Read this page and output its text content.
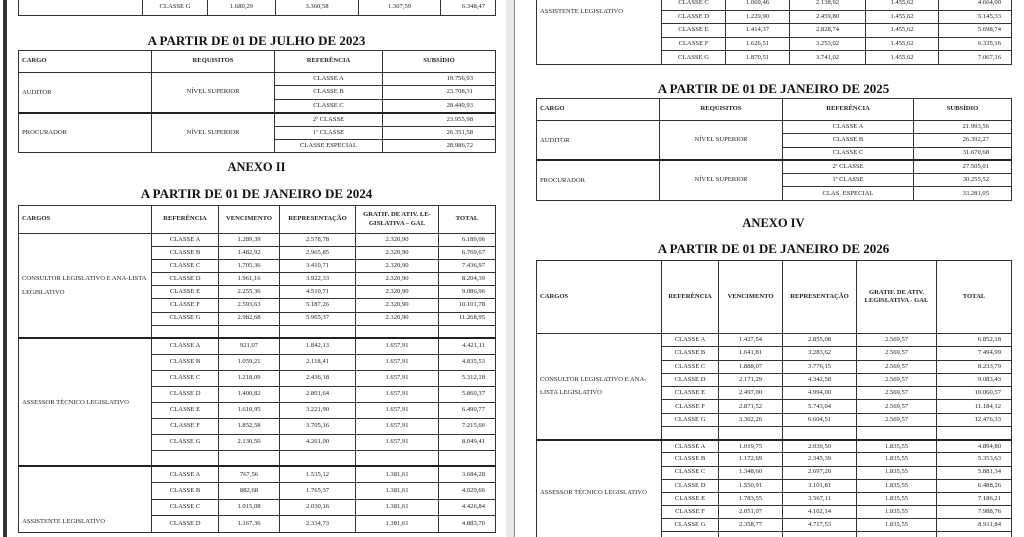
	CLASSE G	1.680,29	3.360,58	1.307,59	6.348,47
A PARTIR DE 01 DE JULHO DE 2023
CARGO	REQUISITOS	REFERÊNCIA	SUBSÍDIO
AUDITOR	NÍVEL SUPERIOR	CLASSE A	19.756,93
		CLASSE B	23.708,31
		CLASSE C	28.449,93
PROCURADOR	NÍVEL SUPERIOR	2ª CLASSE	23.955,98
		1ª CLASSE	26.351,58
		CLASSE ESPECIAL	28.986,72
ANEXO II
A PARTIR DE 01 DE JANEIRO DE 2024
CARGOS	REFERÊNCIA	VENCIMENTO	REPRESENTAÇÃO	GRATIF. DE ATIV. LE-GISLATIVA – GAL	TOTAL
CONSULTOR LEGISLATIVO E ANA-LISTA LEGISLATIVO	CLASSE A	1.289,39	2.578,78	2.320,90	6.189,06
	CLASSE B	1.482,92	2.965,85	2.320,90	6.769,67
	CLASSE C	1.705,36	3.410,71	2.320,90	7.436,97
	CLASSE D	1.961,16	3.922,33	2.320,90	8.204,39
	CLASSE E	2.255,36	4.510,71	2.320,90	9.086,96
	CLASSE F	2.593,63	5.187,26	2.320,90	10.101,78
	CLASSE G	2.982,68	5.965,37	2.320,90	11.268,95

ASSESSOR TÉCNICO LEGISLATIVO	CLASSE A	921,07	1.842,13	1.657,91	4.421,11
	CLASSE B	1.059,21	2.118,41	1.657,91	4.835,53
	CLASSE C	1.218,09	2.436,18	1.657,91	5.312,18
	CLASSE D	1.400,82	2.801,64	1.657,91	5.860,37
	CLASSE E	1.610,95	3.221,90	1.657,91	6.490,77
	CLASSE F	1.852,58	3.705,16	1.657,91	7.215,66
	CLASSE G	2.130,50	4.261,00	1.657,91	8.049,41

ASSISTENTE LEGISLATIVO	CLASSE A	767,56	1.535,12	1.381,61	3.684,28
	CLASSE B	882,68	1.765,37	1.381,61	4.029,66
	CLASSE C	1.015,08	2.030,16	1.381,61	4.426,84
	CLASSE D	1.167,36	2.334,73	1.381,61	4.883,70
ASSISTENTE LEGISLATIVO	CLASSE C	1.069,46	2.138,92	1.455,62	4.664,00
	CLASSE D	1.229,90	2.459,80	1.455,62	5.145,33
	CLASSE E	1.414,37	2.828,74	1.455,62	5.698,74
	CLASSE F	1.626,51	3.253,02	1.455,62	6.335,16
	CLASSE G	1.870,51	3.741,02	1.455,62	7.067,16
A PARTIR DE 01 DE JANEIRO DE 2025
CARGO	REQUISITOS	REFERÊNCIA	SUBSÍDIO
AUDITOR	NÍVEL SUPERIOR	CLASSE A	21.993,56
		CLASSE B	26.392,27
		CLASSE C	31.670,68
PROCURADOR	NÍVEL SUPERIOR	2ª CLASSE	27.505,01
		1ª CLASSE	30.255,52
		CLAS. ESPECIAL	33.281,05
ANEXO IV
A PARTIR DE 01 DE JANEIRO DE 2026
CARGOS	REFERÊNCIA	VENCIMENTO	REPRESENTAÇÃO	GRATIF. DE ATIV. LEGISLATIVA - GAL	TOTAL
CONSULTOR LEGISLATIVO E ANA-LISTA LEGISLATIVO	CLASSE A	1.427,54	2.855,08	2.569,57	6.852,18
	CLASSE B	1.641,81	3.283,62	2.569,57	7.494,99
	CLASSE C	1.888,07	3.776,15	2.569,57	8.233,79
	CLASSE D	2.171,29	4.342,58	2.569,57	9.083,43
	CLASSE E	2.497,00	4.994,00	2.569,57	10.060,57
	CLASSE F	2.871,52	5.743,04	2.569,57	11.184,12
	CLASSE G	3.302,26	6.604,51	2.569,57	12.476,33

ASSESSOR TÉCNICO LEGISLATIVO	CLASSE A	1.019,75	2.039,50	1.835,55	4.894,80
	CLASSE B	1.172,69	2.345,39	1.835,55	5.353,63
	CLASSE C	1.348,60	2.697,20	1.835,55	5.881,34
	CLASSE D	1.550,91	3.101,81	1.835,55	6.488,26
	CLASSE E	1.783,55	3.567,11	1.835,55	7.186,21
	CLASSE F	2.051,07	4.102,14	1.835,55	7.988,76
	CLASSE G	2.358,77	4.717,53	1.835,55	8.911,84
